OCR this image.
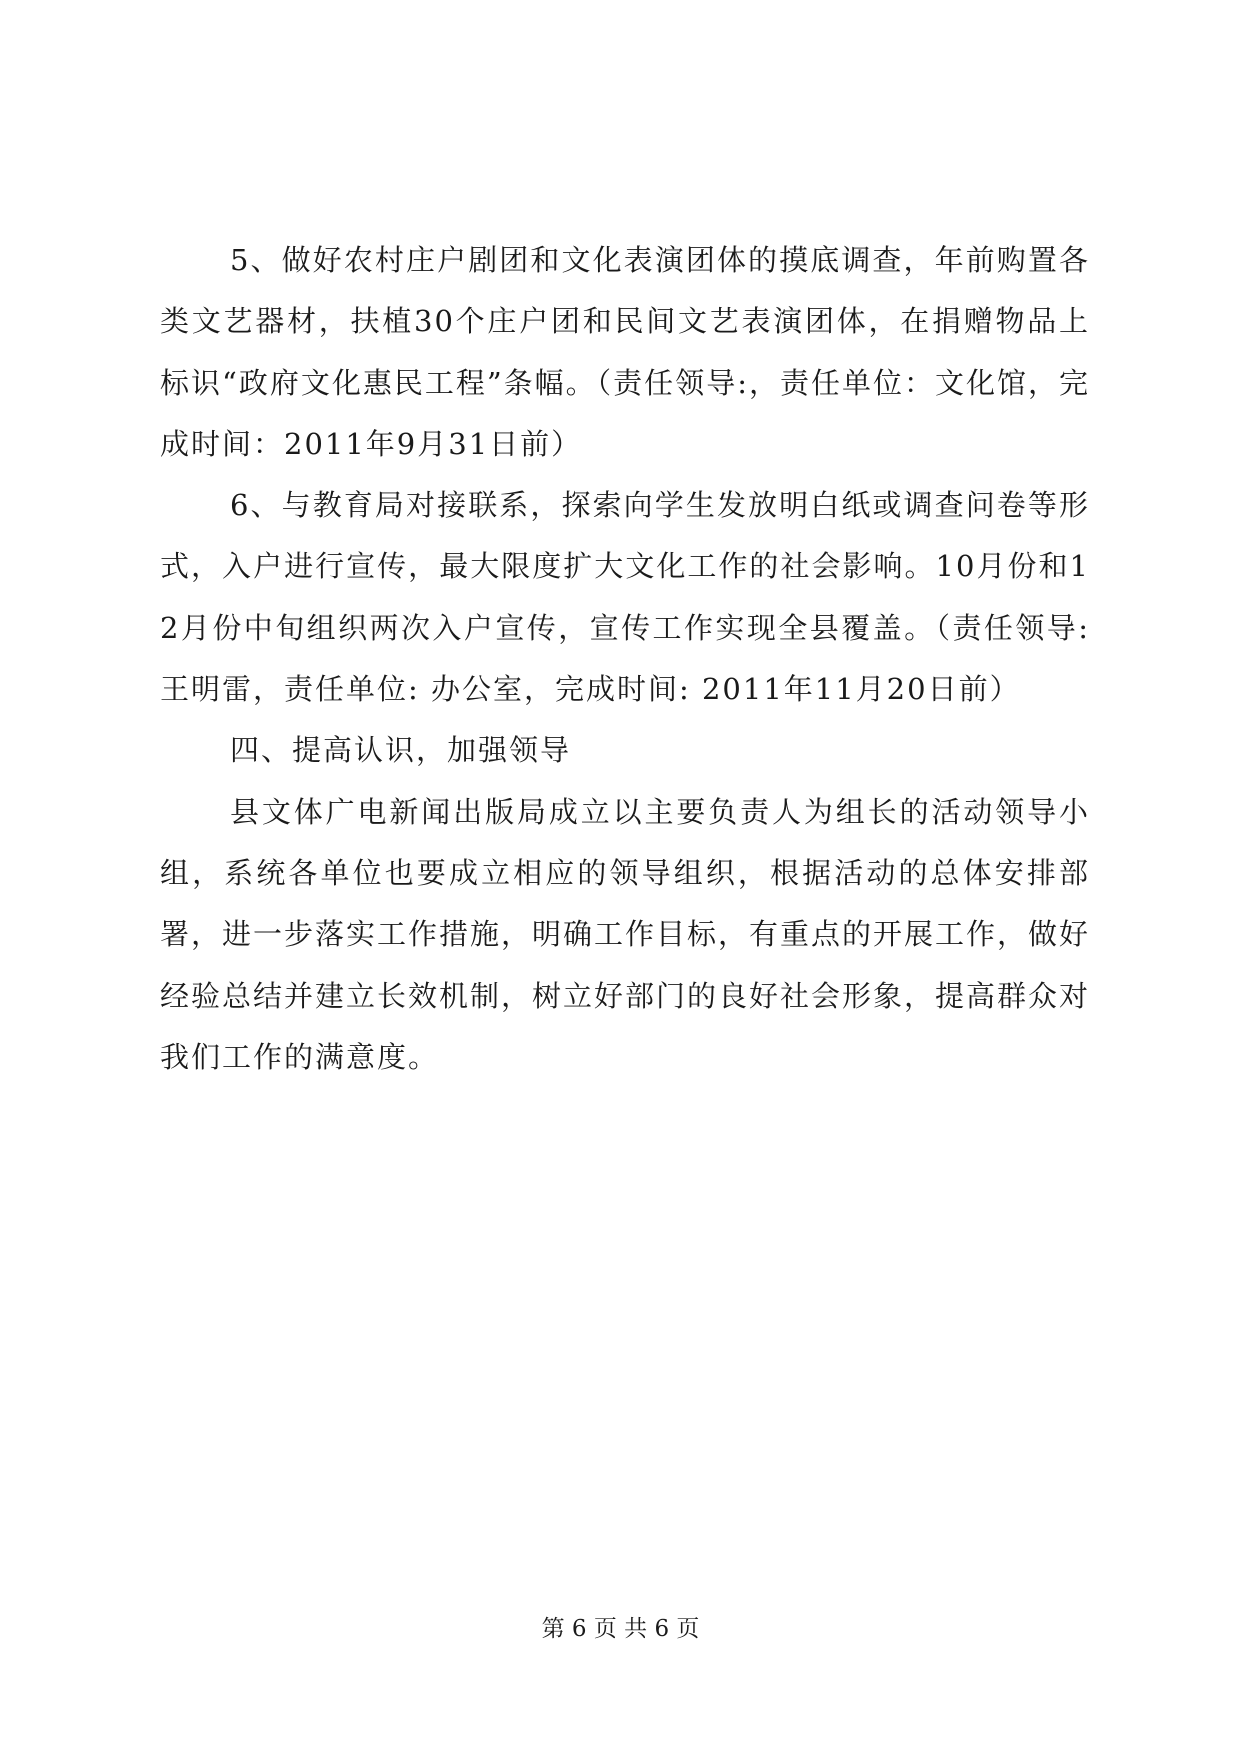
5、做好农村庄户剧团和文化表演团体的摸底调查，年前购置各类文艺器材，扶植30个庄户团和民间文艺表演团体，在捐赠物品上标识“政府文化惠民工程”条幅。（责任领导:，责任单位：文化馆，完成时间：2011年9月31日前）

6、与教育局对接联系，探索向学生发放明白纸或调查问卷等形式，入户进行宣传，最大限度扩大文化工作的社会影响。10月份和12月份中旬组织两次入户宣传，宣传工作实现全县覆盖。（责任领导: 王明雷，责任单位: 办公室，完成时间: 2011年11月20日前）

四、提高认识，加强领导

县文体广电新闻出版局成立以主要负责人为组长的活动领导小组，系统各单位也要成立相应的领导组织，根据活动的总体安排部署，进一步落实工作措施，明确工作目标，有重点的开展工作，做好经验总结并建立长效机制，树立好部门的良好社会形象，提高群众对我们工作的满意度。

第 6 页 共 6 页
